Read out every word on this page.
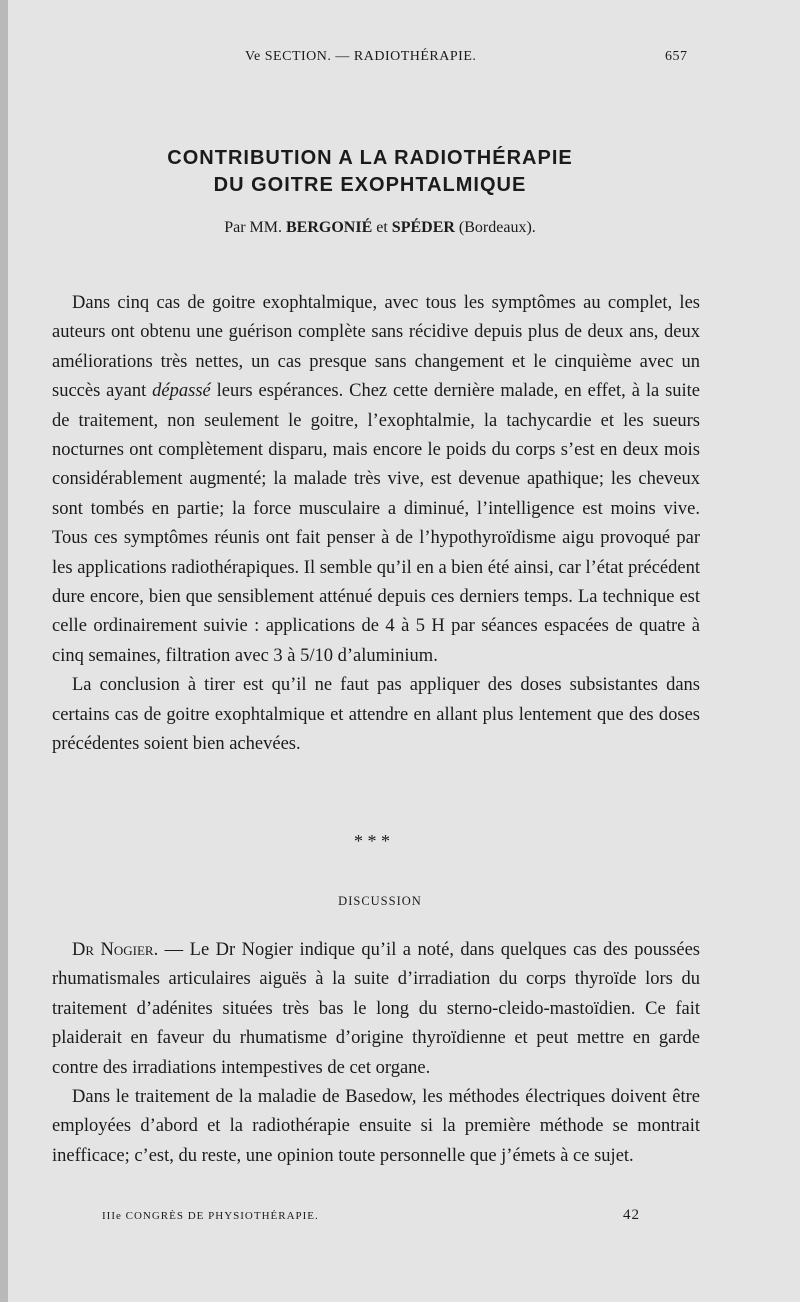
Ve SECTION. — RADIOTHÉRAPIE.	657
CONTRIBUTION A LA RADIOTHÉRAPIE
DU GOITRE EXOPHTALMIQUE
Par MM. BERGONIÉ et SPÉDER (Bordeaux).

Dans cinq cas de goitre exophtalmique, avec tous les symptômes au complet, les auteurs ont obtenu une guérison complète sans récidive depuis plus de deux ans, deux améliorations très nettes, un cas presque sans changement et le cinquième avec un succès ayant dépassé leurs espérances. Chez cette dernière malade, en effet, à la suite de traitement, non seulement le goitre, l’exophtalmie, la tachycardie et les sueurs nocturnes ont complètement disparu, mais encore le poids du corps s’est en deux mois considérablement augmenté; la malade très vive, est devenue apathique; les cheveux sont tombés en partie; la force musculaire a diminué, l’intelligence est moins vive. Tous ces symptômes réunis ont fait penser à de l’hypothyroïdisme aigu provoqué par les applications radiothérapiques. Il semble qu’il en a bien été ainsi, car l’état précédent dure encore, bien que sensiblement atténué depuis ces derniers temps. La technique est celle ordinairement suivie : applications de 4 à 5 H par séances espacées de quatre à cinq semaines, filtration avec 3 à 5/10 d’aluminium.

La conclusion à tirer est qu’il ne faut pas appliquer des doses subsistantes dans certains cas de goitre exophtalmique et attendre en allant plus lentement que des doses précédentes soient bien achevées.

* * *
DISCUSSION

Dr Nogier. — Le Dr Nogier indique qu’il a noté, dans quelques cas des poussées rhumatismales articulaires aiguës à la suite d’irradiation du corps thyroïde lors du traitement d’adénites situées très bas le long du sterno-cleido-mastoïdien. Ce fait plaiderait en faveur du rhumatisme d’origine thyroïdienne et peut mettre en garde contre des irradiations intempestives de cet organe.

Dans le traitement de la maladie de Basedow, les méthodes électriques doivent être employées d’abord et la radiothérapie ensuite si la première méthode se montrait inefficace; c’est, du reste, une opinion toute personnelle que j’émets à ce sujet.

IIIe CONGRÈS DE PHYSIOTHÉRAPIE.	42
